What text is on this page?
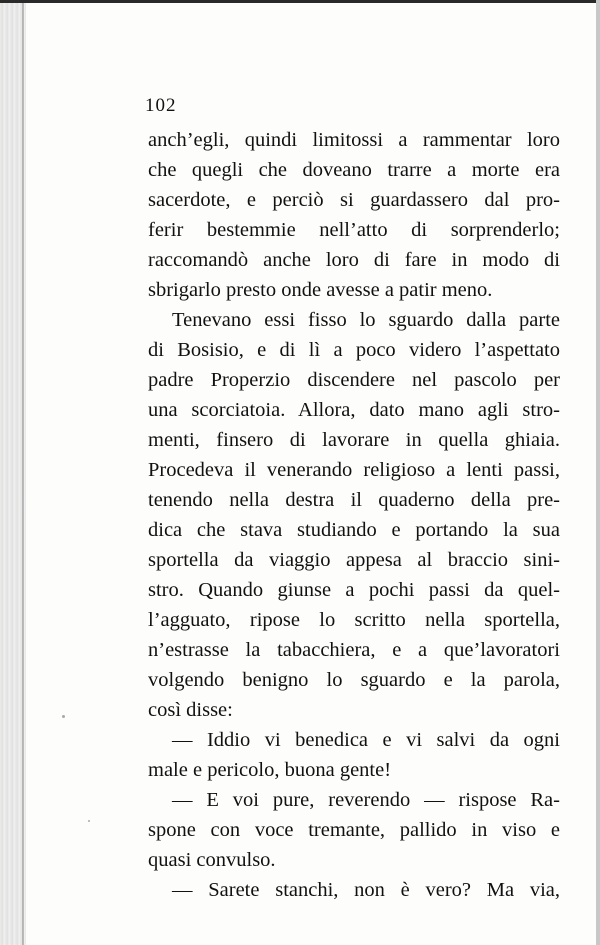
102
anch’egli, quindi limitossi a rammentar loro
che quegli che doveano trarre a morte era
sacerdote, e perciò si guardassero dal pro-
ferir bestemmie nell’atto di sorprenderlo;
raccomandò anche loro di fare in modo di
sbrigarlo presto onde avesse a patir meno.
Tenevano essi fisso lo sguardo dalla parte
di Bosisio, e di lì a poco videro l’aspettato
padre Properzio discendere nel pascolo per
una scorciatoia. Allora, dato mano agli stro-
menti, finsero di lavorare in quella ghiaia.
Procedeva il venerando religioso a lenti passi,
tenendo nella destra il quaderno della pre-
dica che stava studiando e portando la sua
sportella da viaggio appesa al braccio sini-
stro. Quando giunse a pochi passi da quel-
l’agguato, ripose lo scritto nella sportella,
n’estrasse la tabacchiera, e a que’lavoratori
volgendo benigno lo sguardo e la parola,
così disse:
— Iddio vi benedica e vi salvi da ogni
male e pericolo, buona gente!
— E voi pure, reverendo — rispose Ra-
spone con voce tremante, pallido in viso e
quasi convulso.
— Sarete stanchi, non è vero? Ma via,
